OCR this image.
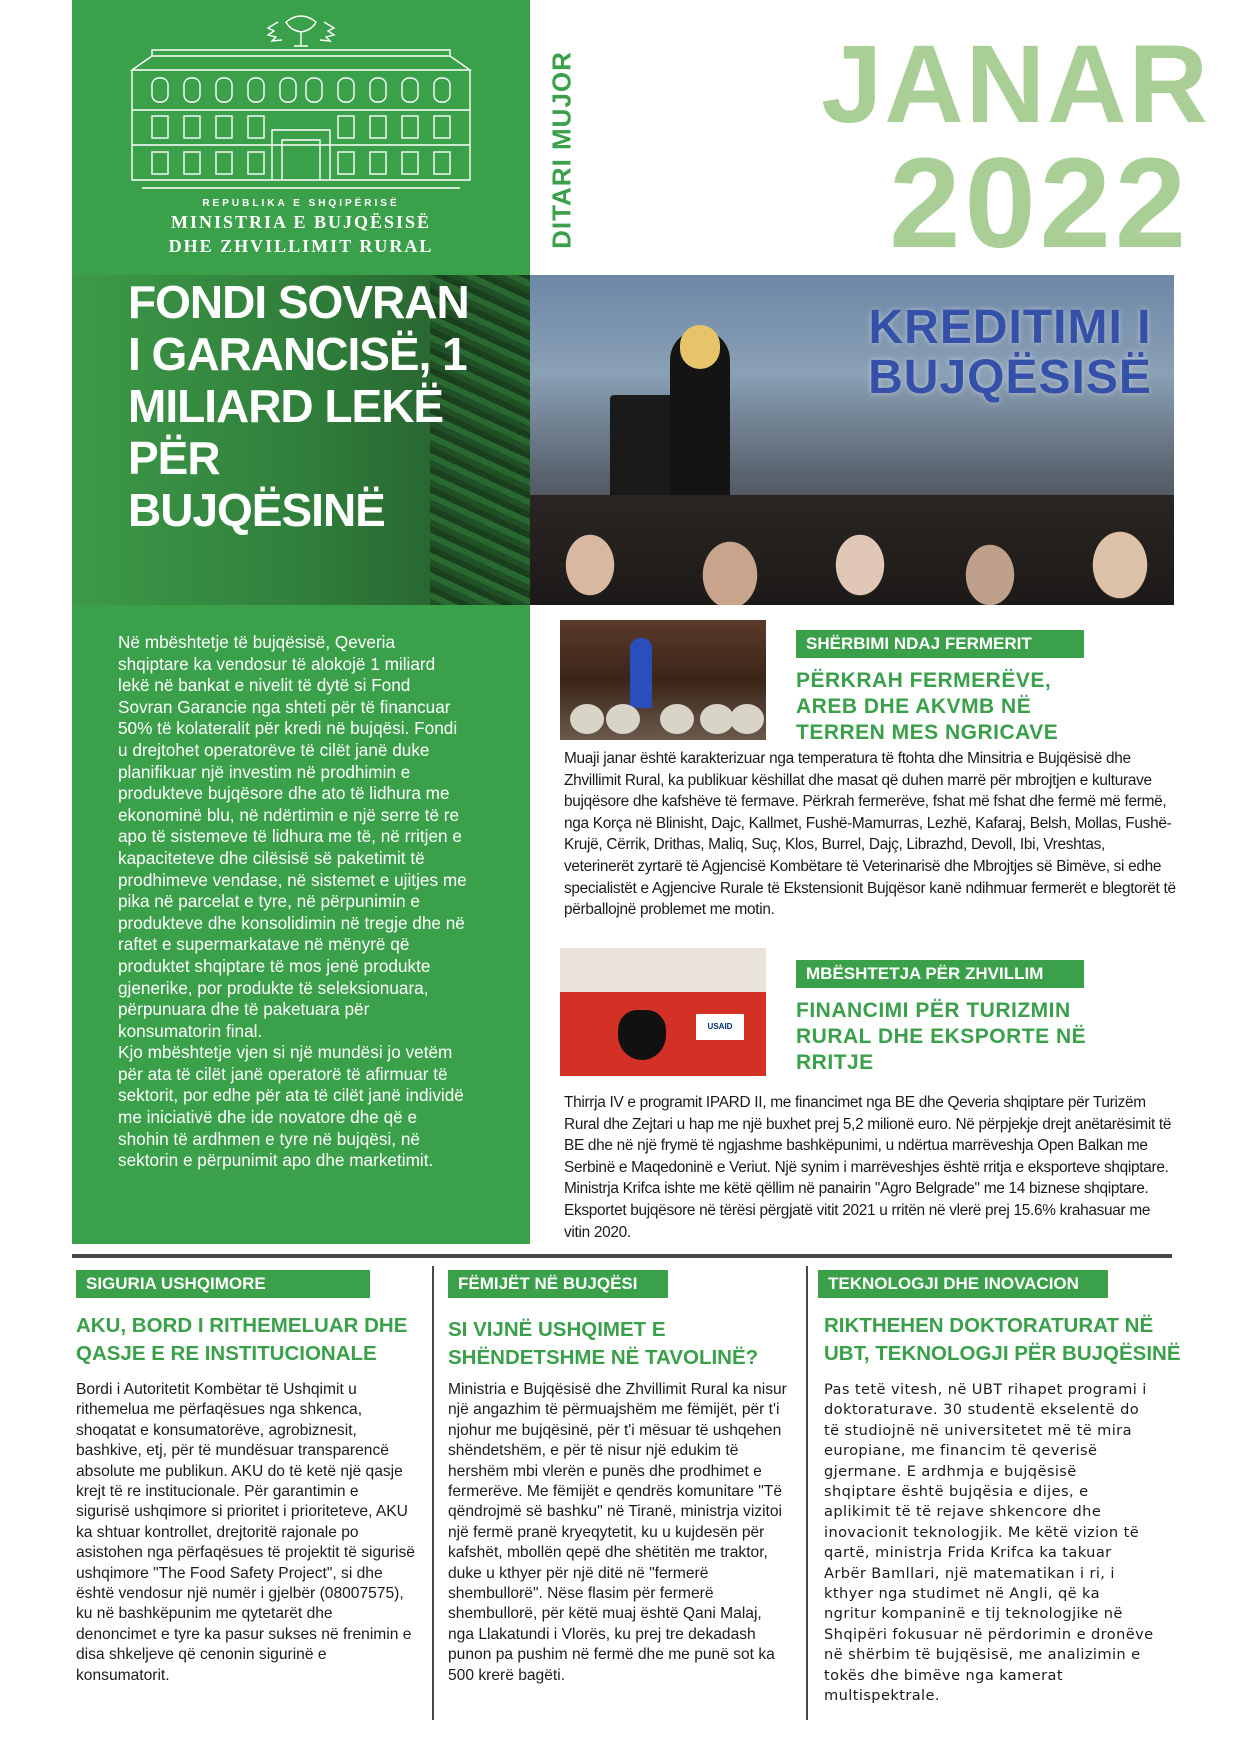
REPUBLIKA E SHQIPËRISË
MINISTRIA E BUJQËSISË
DHE ZHVILLIMIT RURAL	DITARI MUJOR	JANAR
2022
FONDI SOVRAN I GARANCISË, 1 MILIARD LEKË PËR BUJQËSINË
KREDITIMI I BUJQËSISË

Në mbështetje të bujqësisë, Qeveria shqiptare ka vendosur të alokojë 1 miliard lekë në bankat e nivelit të dytë si Fond Sovran Garancie nga shteti për të financuar 50% të kolateralit për kredi në bujqësi. Fondi u drejtohet operatorëve të cilët janë duke planifikuar një investim në prodhimin e produkteve bujqësore dhe ato të lidhura me ekonominë blu, në ndërtimin e një serre të re apo të sistemeve të lidhura me të, në rritjen e kapaciteteve dhe cilësisë së paketimit të prodhimeve vendase, në sistemet e ujitjes me pika në parcelat e tyre, në përpunimin e produkteve dhe konsolidimin në tregje dhe në raftet e supermarkatave në mënyrë që produktet shqiptare të mos jenë produkte gjenerike, por produkte të seleksionuara, përpunuara dhe të paketuara për konsumatorin final.

Kjo mbështetje vjen si një mundësi jo vetëm për ata të cilët janë operatorë të afirmuar të sektorit, por edhe për ata të cilët janë individë me iniciativë dhe ide novatore dhe që e shohin të ardhmen e tyre në bujqësi, në sektorin e përpunimit apo dhe marketimit.

SHËRBIMI NDAJ FERMERIT
PËRKRAH FERMERËVE, AREB DHE AKVMB NË TERREN MES NGRICAVE
Muaji janar është karakterizuar nga temperatura të ftohta dhe Minsitria e Bujqësisë dhe Zhvillimit Rural, ka publikuar këshillat dhe masat që duhen marrë për mbrojtjen e kulturave bujqësore dhe kafshëve të fermave. Përkrah fermerëve, fshat më fshat dhe fermë më fermë, nga Korça në Blinisht, Dajc, Kallmet, Fushë-Mamurras, Lezhë, Kafaraj, Belsh, Mollas, Fushë-Krujë, Cërrik, Drithas, Maliq, Suç, Klos, Burrel, Dajç, Librazhd, Devoll, Ibi, Vreshtas, veterinerët zyrtarë të Agjencisë Kombëtare të Veterinarisë dhe Mbrojtjes së Bimëve, si edhe specialistët e Agjencive Rurale të Ekstensionit Bujqësor kanë ndihmuar fermerët e blegtorët të përballojnë problemet me motin.
USAID
MBËSHTETJA PËR ZHVILLIM
FINANCIMI PËR TURIZMIN RURAL DHE EKSPORTE NË RRITJE
Thirrja IV e programit IPARD II, me financimet nga BE dhe Qeveria shqiptare për Turizëm Rural dhe Zejtari u hap me një buxhet prej 5,2 milionë euro. Në përpjekje drejt anëtarësimit të BE dhe në një frymë të ngjashme bashkëpunimi, u ndërtua marrëveshja Open Balkan me Serbinë e Maqedoninë e Veriut. Një synim i marrëveshjes është rritja e eksporteve shqiptare. Ministrja Krifca ishte me këtë qëllim në panairin "Agro Belgrade" me 14 biznese shqiptare. Eksportet bujqësore në tërësi përgjatë vitit 2021 u rritën në vlerë prej 15.6% krahasuar me vitin 2020.
SIGURIA USHQIMORE
AKU, BORD I RITHEMELUAR DHE QASJE E RE INSTITUCIONALE
Bordi i Autoritetit Kombëtar të Ushqimit u rithemelua me përfaqësues nga shkenca, shoqatat e konsumatorëve, agrobiznesit, bashkive, etj, për të mundësuar transparencë absolute me publikun. AKU do të ketë një qasje krejt të re institucionale. Për garantimin e sigurisë ushqimore si prioritet i prioriteteve, AKU ka shtuar kontrollet, drejtoritë rajonale po asistohen nga përfaqësues të projektit të sigurisë ushqimore "The Food Safety Project", si dhe është vendosur një numër i gjelbër (08007575), ku në bashkëpunim me qytetarët dhe denoncimet e tyre ka pasur sukses në frenimin e disa shkeljeve që cenonin sigurinë e konsumatorit.
FËMIJËT NË BUJQËSI
SI VIJNË USHQIMET E SHËNDETSHME NË TAVOLINË?
Ministria e Bujqësisë dhe Zhvillimit Rural ka nisur një angazhim të përmuajshëm me fëmijët, për t'i njohur me bujqësinë, për t'i mësuar të ushqehen shëndetshëm, e për të nisur një edukim të hershëm mbi vlerën e punës dhe prodhimet e fermerëve. Me fëmijët e qendrës komunitare "Të qëndrojmë së bashku" në Tiranë, ministrja vizitoi një fermë pranë kryeqytetit, ku u kujdesën për kafshët, mbollën qepë dhe shëtitën me traktor, duke u kthyer për një ditë në "fermerë shembullorë". Nëse flasim për fermerë shembullorë, për këtë muaj është Qani Malaj, nga Llakatundi i Vlorës, ku prej tre dekadash punon pa pushim në fermë dhe me punë sot ka 500 krerë bagëti.
TEKNOLOGJI DHE INOVACION
RIKTHEHEN DOKTORATURAT NË UBT, TEKNOLOGJI PËR BUJQËSINË
Pas tetë vitesh, në UBT rihapet programi i doktoraturave. 30 studentë ekselentë do të studiojnë në universitetet më të mira europiane, me financim të qeverisë gjermane. E ardhmja e bujqësisë shqiptare është bujqësia e dijes, e aplikimit të të rejave shkencore dhe inovacionit teknologjik. Me këtë vizion të qartë, ministrja Frida Krifca ka takuar Arbër Bamllari, një matematikan i ri, i kthyer nga studimet në Angli, që ka ngritur kompaninë e tij teknologjike në Shqipëri fokusuar në përdorimin e dronëve në shërbim të bujqësisë, me analizimin e tokës dhe bimëve nga kamerat multispektrale.
